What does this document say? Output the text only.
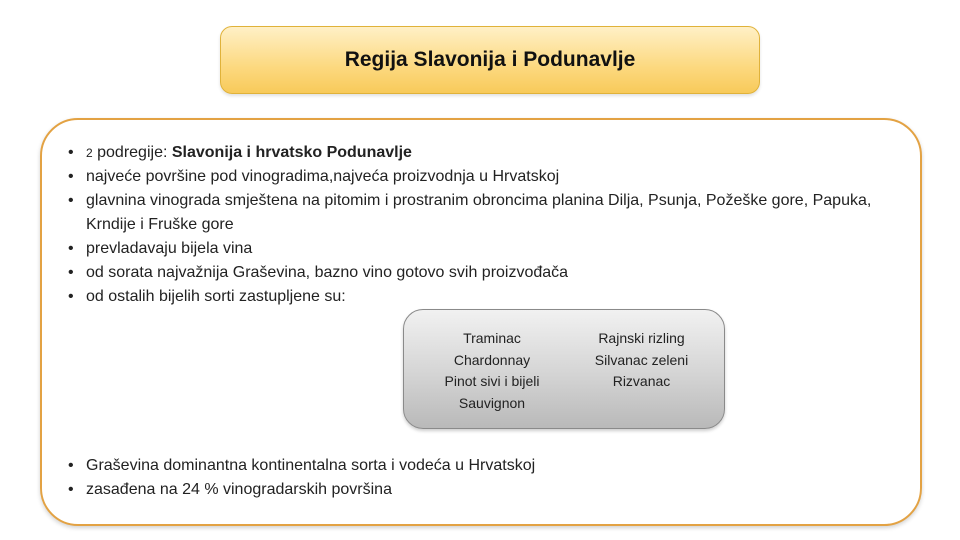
Regija Slavonija i Podunavlje
• 2 podregije: Slavonija i hrvatsko Podunavlje
• najveće površine pod vinogradima,najveća proizvodnja u Hrvatskoj
• glavnina vinograda smještena na pitomim i prostranim obroncima planina Dilja, Psunja, Požeške gore, Papuka, Krndije i Fruške gore
• prevladavaju bijela vina
• od sorata najvažnija Graševina, bazno vino gotovo svih proizvođača
• od ostalih bijelih sorti zastupljene su:
Traminac
Chardonnay
Pinot sivi i bijeli
Sauvignon
Rajnski rizling
Silvanac zeleni
Rizvanac
• Graševina dominantna kontinentalna sorta i vodeća u Hrvatskoj
• zasađena na 24 % vinogradarskih površina
